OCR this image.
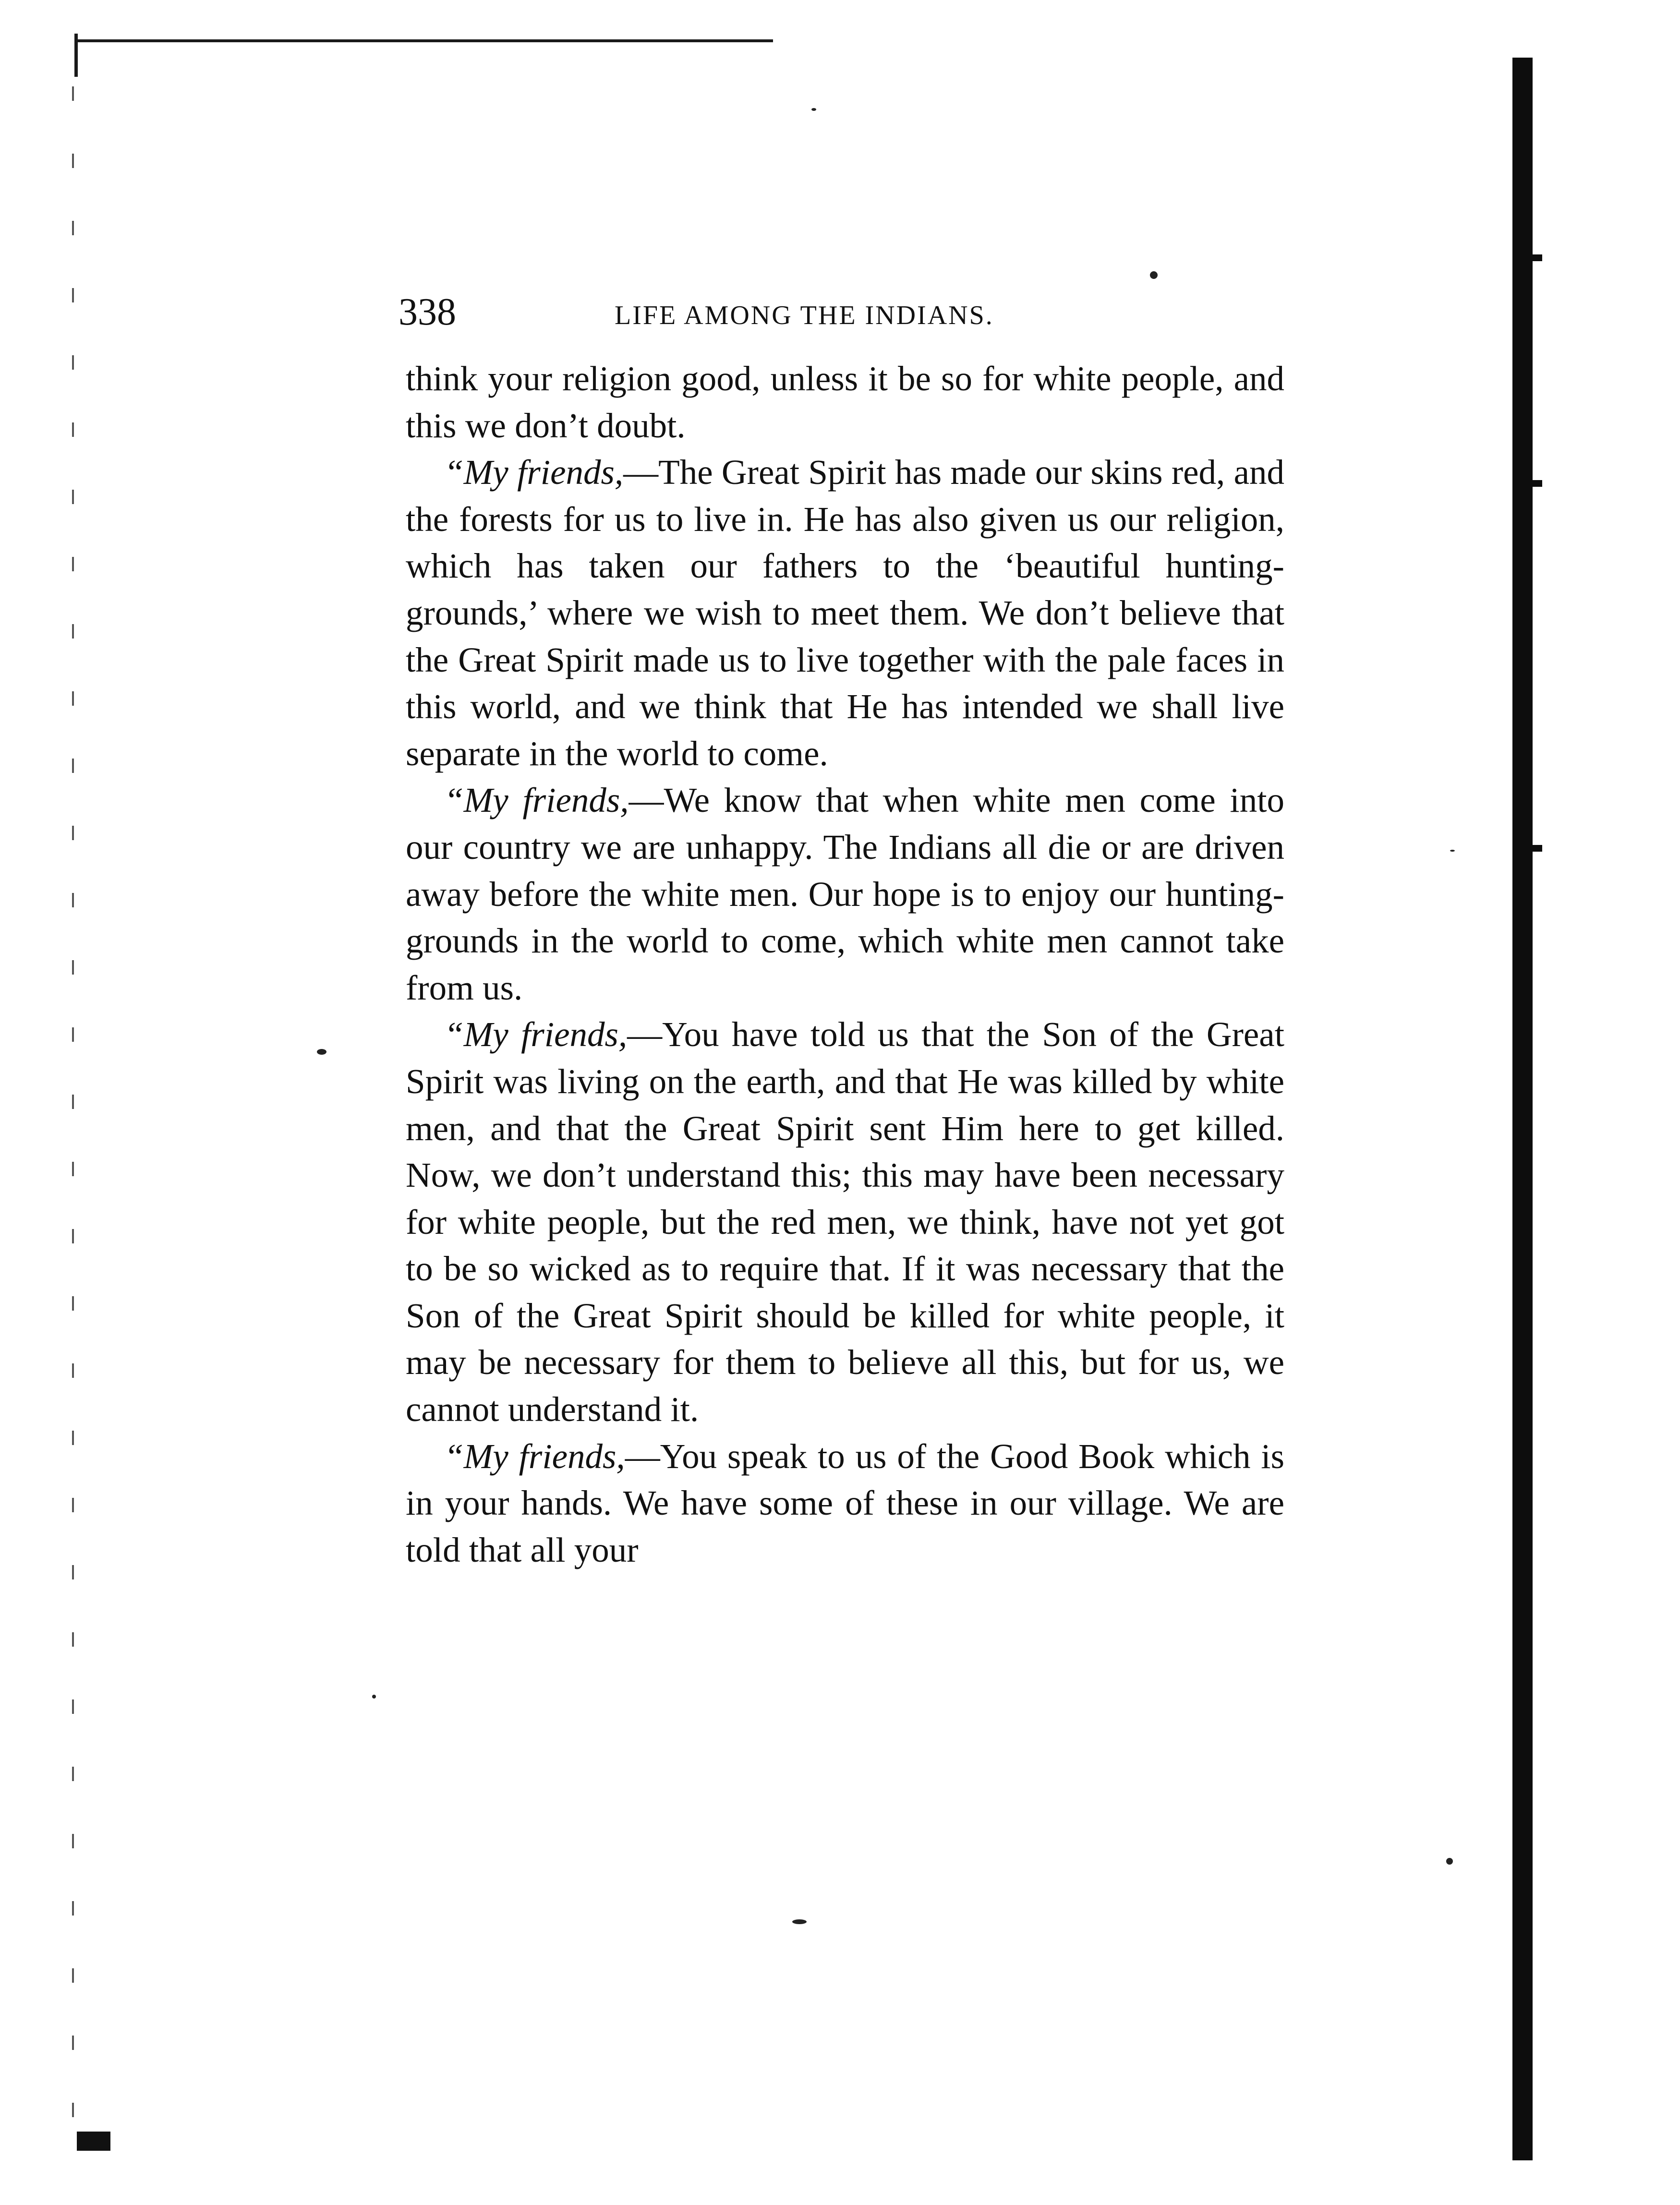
338	LIFE AMONG THE INDIANS.

think your religion good, unless it be so for white people, and this we don’t doubt.

“My friends,—The Great Spirit has made our skins red, and the forests for us to live in. He has also given us our religion, which has taken our fathers to the ‘beautiful hunting-grounds,’ where we wish to meet them. We don’t believe that the Great Spirit made us to live together with the pale faces in this world, and we think that He has intended we shall live separate in the world to come.

“My friends,—We know that when white men come into our country we are unhappy. The Indians all die or are driven away before the white men. Our hope is to enjoy our hunting-grounds in the world to come, which white men cannot take from us.

“My friends,—You have told us that the Son of the Great Spirit was living on the earth, and that He was killed by white men, and that the Great Spirit sent Him here to get killed. Now, we don’t understand this; this may have been necessary for white people, but the red men, we think, have not yet got to be so wicked as to require that. If it was necessary that the Son of the Great Spirit should be killed for white people, it may be necessary for them to believe all this, but for us, we cannot understand it.

“My friends,—You speak to us of the Good Book which is in your hands. We have some of these in our village. We are told that all your
